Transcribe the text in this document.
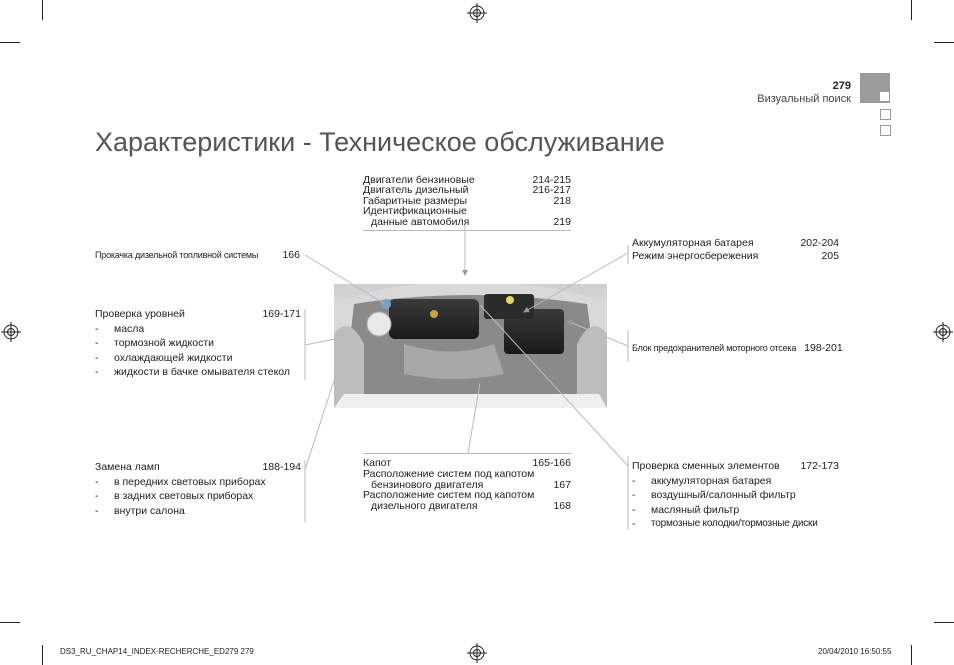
279
Визуальный поиск
Характеристики - Техническое обслуживание
Двигатели бензиновые	214-215
Двигатель дизельный	216-217
Габаритные размеры	218
Идентификационные
данные автомобиля	219
Прокачка дизельной топливной системы 166
Проверка уровней	169-171
-	масла
-	тормозной жидкости
-	охлаждающей жидкости
-	жидкости в бачке омывателя стекол
Замена ламп	188-194
-	в передних световых приборах
-	в задних световых приборах
-	внутри салона
Капот	165-166
Расположение систем под капотом
бензинового двигателя	167
Расположение систем под капотом
дизельного двигателя	168
Аккумуляторная батарея	202-204
Режим энергосбережения	205
Блок предохранителей моторного отсека 198-201
Проверка сменных элементов 172-173
-	аккумуляторная батарея
-	воздушный/салонный фильтр
-	масляный фильтр
-	тормозные колодки/тормозные диски
DS3_RU_CHAP14_INDEX-RECHERCHE_ED279 279	20/04/2010 16:50:55
